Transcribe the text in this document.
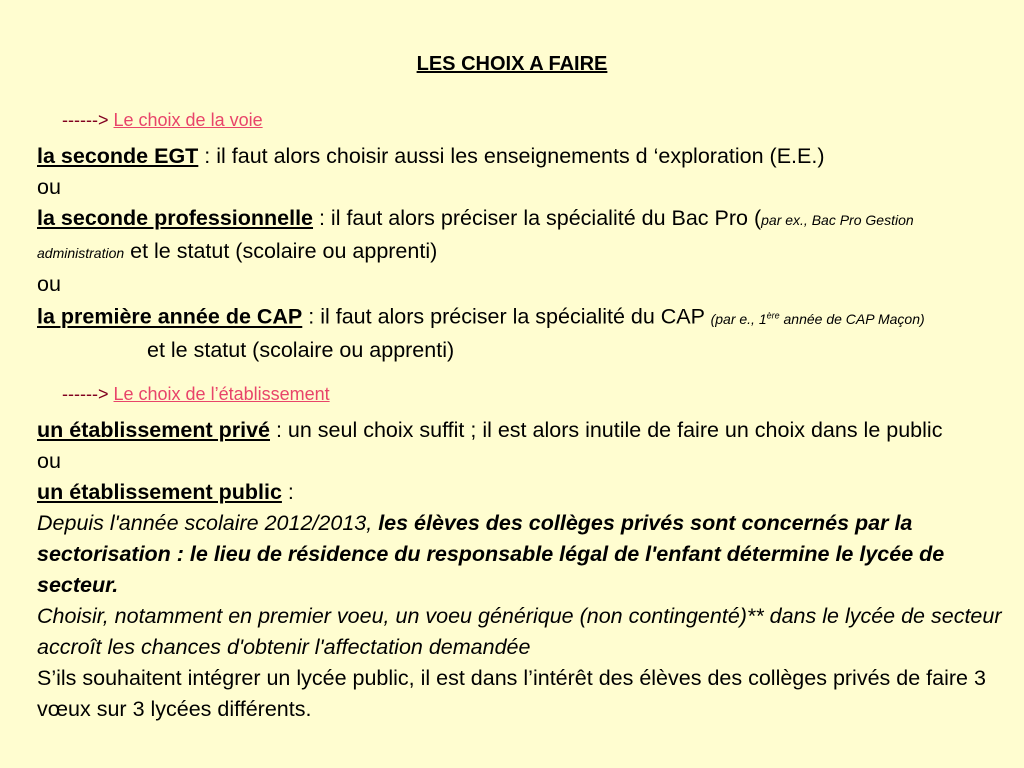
LES CHOIX A FAIRE
------> Le choix de la voie
la seconde EGT : il faut alors choisir aussi les enseignements d ‘exploration (E.E.)
ou
la seconde professionnelle : il faut alors préciser la spécialité du Bac Pro (par ex., Bac Pro Gestion administration et le statut (scolaire ou apprenti)
ou
la première année de CAP : il faut alors préciser la spécialité du CAP (par e., 1ère année de CAP Maçon)et le statut (scolaire ou apprenti)
------> Le choix de l’établissement
un établissement privé : un seul choix suffit ; il est alors inutile de faire un choix dans le public
ou
un établissement public :
Depuis l'année scolaire 2012/2013, les élèves des collèges privés sont concernés par la sectorisation : le lieu de résidence du responsable légal de l'enfant détermine le lycée de secteur.
Choisir, notamment en premier voeu, un voeu générique (non contingenté)** dans le lycée de secteur accroît les chances d'obtenir l'affectation demandée
S’ils souhaitent intégrer un lycée public, il est dans l’intérêt des élèves des collèges privés de faire 3 vœux sur 3 lycées différents.
